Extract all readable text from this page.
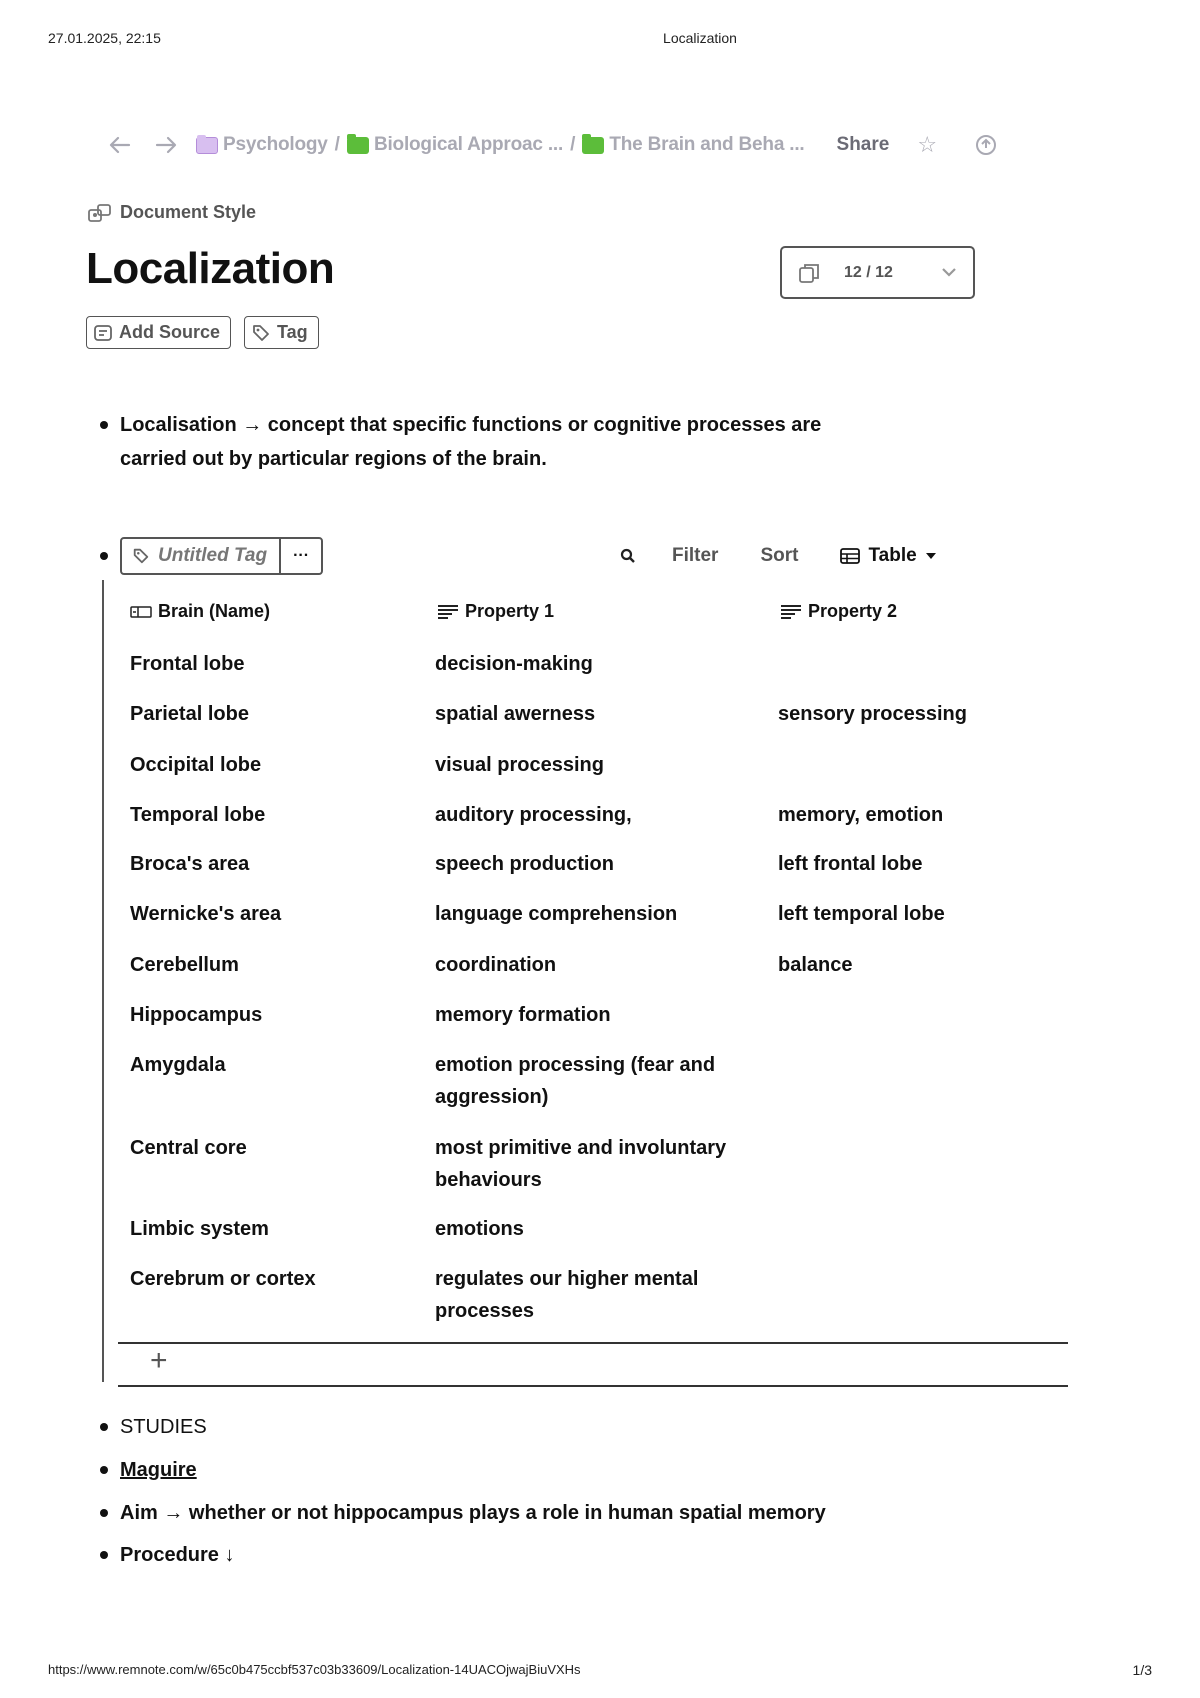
27.01.2025, 22:15	Localization
Psychology / Biological Approac ... / The Brain and Beha ... Share ☆
Document Style
Localization	12 / 12
Add Source	Tag
Localisation → concept that specific functions or cognitive processes are
carried out by particular regions of the brain.
Untitled Tag	···	Filter Sort	Table
Brain (Name)	Property 1	Property 2
Frontal lobe	decision-making
Parietal lobe	spatial awerness	sensory processing
Occipital lobe	visual processing
Temporal lobe	auditory processing,	memory, emotion
Broca's area	speech production	left frontal lobe
Wernicke's area	language comprehension	left temporal lobe
Cerebellum	coordination	balance
Hippocampus	memory formation
Amygdala	emotion processing (fear and
aggression)
Central core	most primitive and involuntary
behaviours
Limbic system	emotions
Cerebrum or cortex	regulates our higher mental
processes
+
STUDIES
Maguire
Aim → whether or not hippocampus plays a role in human spatial memory
Procedure ↓
https://www.remnote.com/w/65c0b475ccbf537c03b33609/Localization-14UACOjwajBiuVXHs	1/3
